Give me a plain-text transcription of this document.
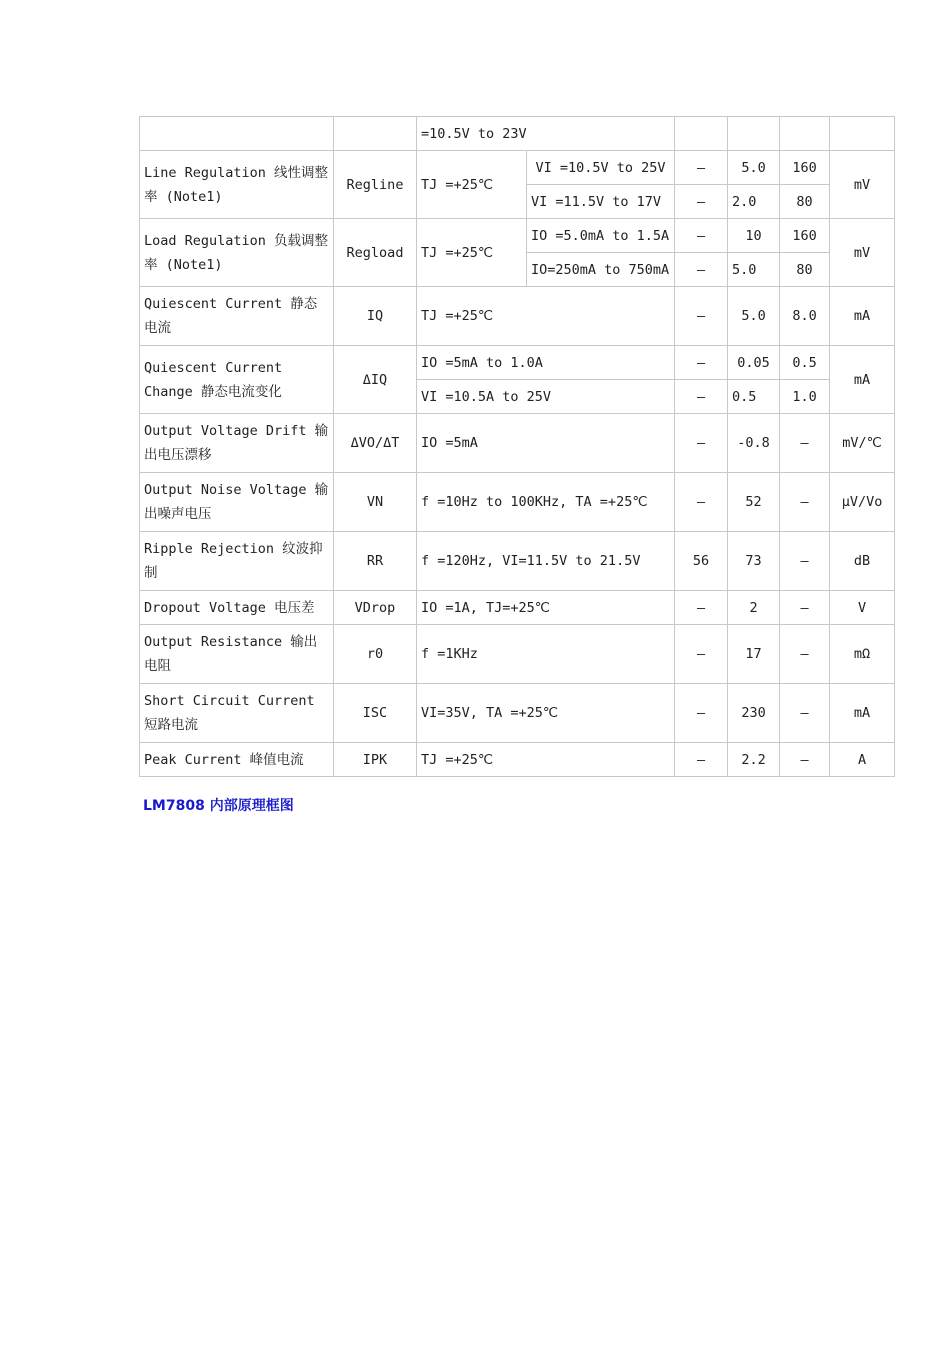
		=10.5V to 23V					
Line Regulation 线性调整率 (Note1)	Regline	TJ =+25℃	VI =10.5V to 25V	–	5.0	160	mV
			VI =11.5V to 17V	–	2.0	80	
Load Regulation 负载调整率 (Note1)	Regload	TJ =+25℃	IO =5.0mA to 1.5A	–	10	160	mV
			IO=250mA to 750mA	–	5.0	80	
Quiescent Current 静态电流	IQ	TJ =+25℃		–	5.0	8.0	mA
Quiescent Current Change 静态电流变化	ΔIQ	IO =5mA to 1.0A		–	0.05	0.5	mA
		VI =10.5A to 25V		–	0.5	1.0	
Output Voltage Drift 输出电压漂移	ΔVO/ΔT	IO =5mA		–	-0.8	–	mV/℃
Output Noise Voltage 输出噪声电压	VN	f =10Hz to 100KHz, TA =+25℃		–	52	–	μV/Vo
Ripple Rejection 纹波抑制	RR	f =120Hz, VI=11.5V to 21.5V		56	73	–	dB
Dropout Voltage 电压差	VDrop	IO =1A, TJ=+25℃		–	2	–	V
Output Resistance 输出电阻	r0	f =1KHz		–	17	–	mΩ
Short Circuit Current 短路电流	ISC	VI=35V, TA =+25℃		–	230	–	mA
Peak Current 峰值电流	IPK	TJ =+25℃		–	2.2	–	A
LM7808 内部原理框图
